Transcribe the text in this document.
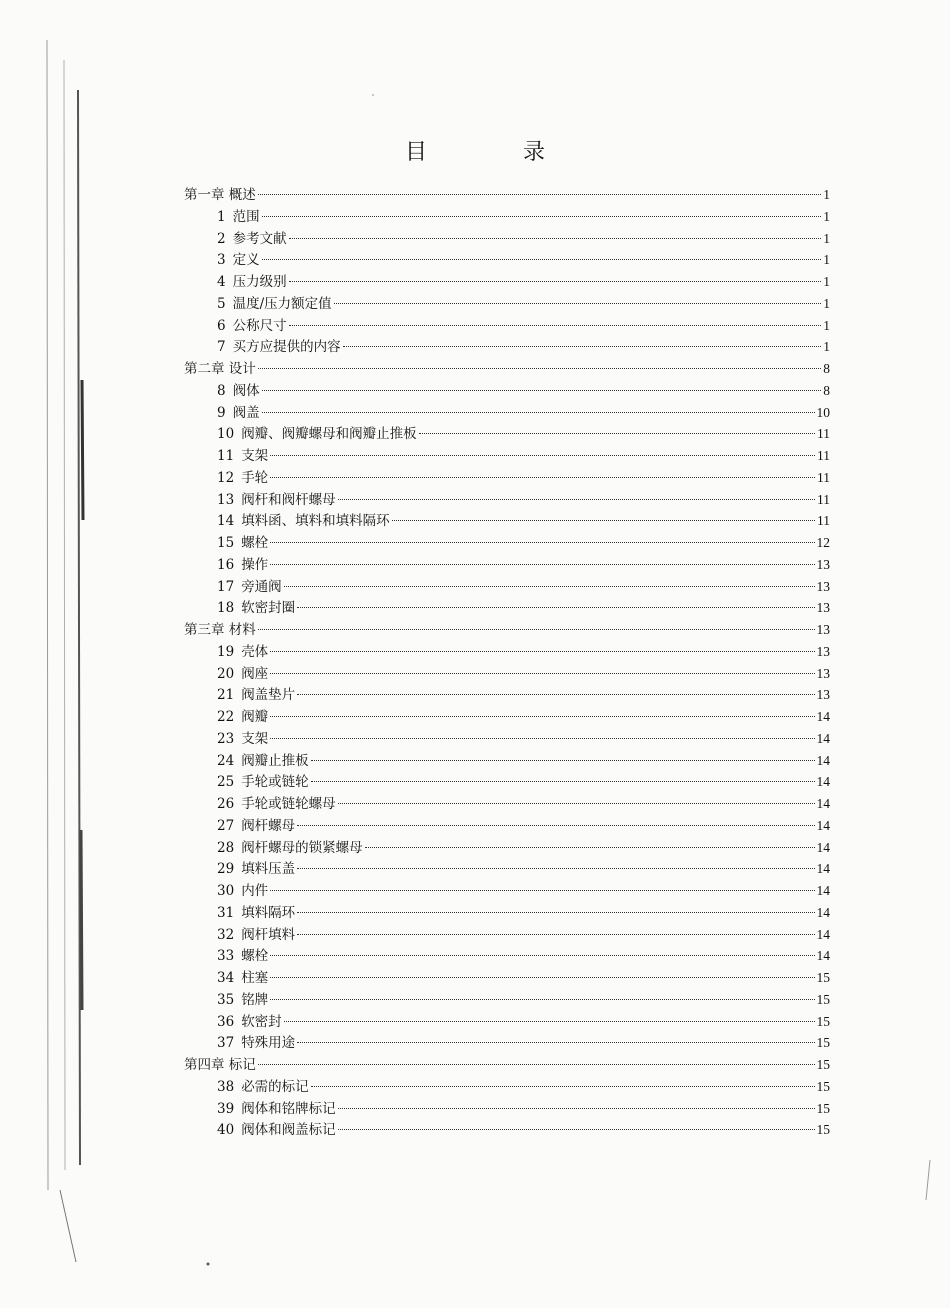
目	录
第一章 概述	1
1 范围	1
2 参考文献	1
3 定义	1
4 压力级别	1
5 温度/压力额定值	1
6 公称尺寸	1
7 买方应提供的内容	1
第二章 设计	8
8 阀体	8
9 阀盖	10
10 阀瓣、阀瓣螺母和阀瓣止推板	11
11 支架	11
12 手轮	11
13 阀杆和阀杆螺母	11
14 填料函、填料和填料隔环	11
15 螺栓	12
16 操作	13
17 旁通阀	13
18 软密封圈	13
第三章 材料	13
19 壳体	13
20 阀座	13
21 阀盖垫片	13
22 阀瓣	14
23 支架	14
24 阀瓣止推板	14
25 手轮或链轮	14
26 手轮或链轮螺母	14
27 阀杆螺母	14
28 阀杆螺母的锁紧螺母	14
29 填料压盖	14
30 内件	14
31 填料隔环	14
32 阀杆填料	14
33 螺栓	14
34 柱塞	15
35 铭牌	15
36 软密封	15
37 特殊用途	15
第四章 标记	15
38 必需的标记	15
39 阀体和铭牌标记	15
40 阀体和阀盖标记	15
